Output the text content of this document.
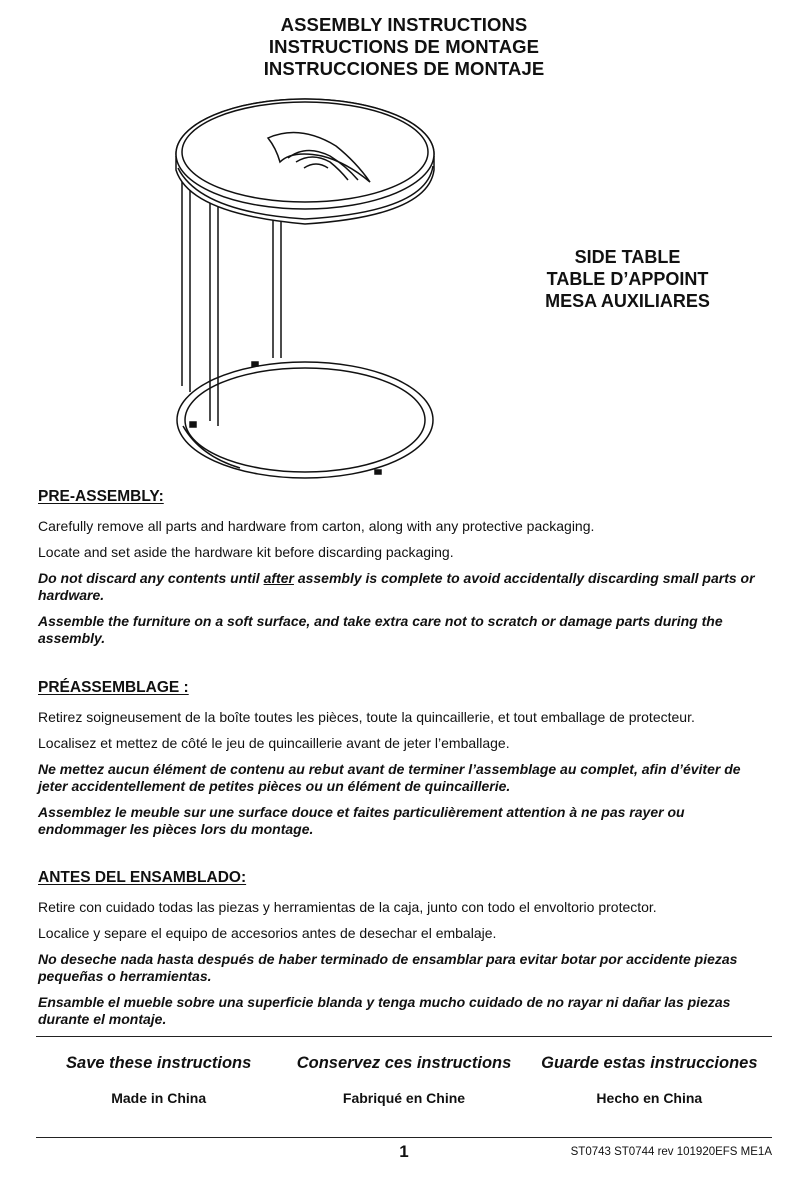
ASSEMBLY INSTRUCTIONS
INSTRUCTIONS DE MONTAGE
INSTRUCCIONES DE MONTAJE
SIDE TABLE
TABLE D’APPOINT
MESA AUXILIARES
PRE-ASSEMBLY:
Carefully remove all parts and hardware from carton, along with any protective packaging.
Locate and set aside the hardware kit before discarding packaging.
Do not discard any contents until after assembly is complete to avoid accidentally discarding small parts or hardware.
Assemble the furniture on a soft surface, and take extra care not to scratch or damage parts during the assembly.
PRÉASSEMBLAGE :
Retirez soigneusement de la boîte toutes les pièces, toute la quincaillerie, et tout emballage de protecteur.
Localisez et mettez de côté le jeu de quincaillerie avant de jeter l’emballage.
Ne mettez aucun élément de contenu au rebut avant de terminer l’assemblage au complet, afin d’éviter de jeter accidentellement de petites pièces ou un élément de quincaillerie.
Assemblez le meuble sur une surface douce et faites particulièrement attention à ne pas rayer ou endommager les pièces lors du montage.
ANTES DEL ENSAMBLADO:
Retire con cuidado todas las piezas y herramientas de la caja, junto con todo el envoltorio protector.
Localice y separe el equipo de accesorios antes de desechar el embalaje.
No deseche nada hasta después de haber terminado de ensamblar para evitar botar por accidente piezas pequeñas o herramientas.
Ensamble el mueble sobre una superficie blanda y tenga mucho cuidado de no rayar ni dañar las piezas durante el montaje.
Save these instructions	Conservez ces instructions	Guarde estas instrucciones
Made in China	Fabriqué en Chine	Hecho en China
1	ST0743 ST0744 rev 101920EFS ME1A
